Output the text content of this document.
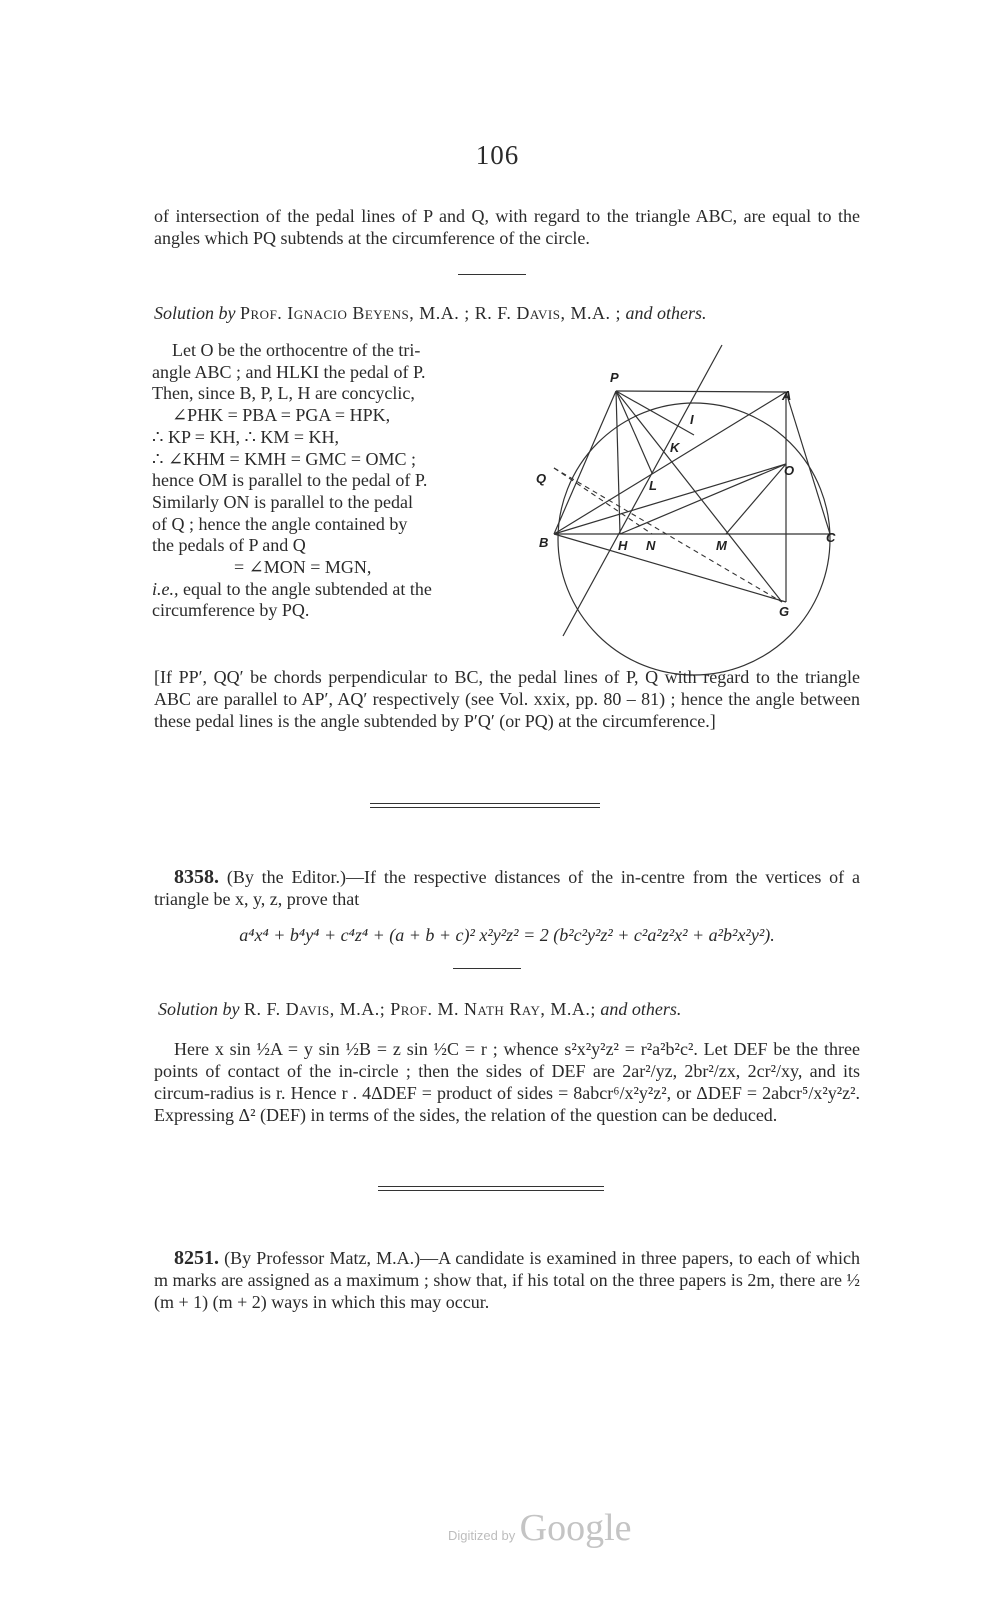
106
of intersection of the pedal lines of P and Q, with regard to the triangle ABC, are equal to the angles which PQ subtends at the circumference of the circle.
Solution by Prof. Ignacio Beyens, M.A. ; R. F. Davis, M.A. ; and others.
Let O be the orthocentre of the tri-
angle ABC ; and HLKI the pedal of P.
Then, since B, P, L, H are concyclic,
∠PHK = PBA = PGA = HPK,
∴ KP = KH, ∴ KM = KH,
∴ ∠KHM = KMH = GMC = OMC ;
hence OM is parallel to the pedal of P.
Similarly ON is parallel to the pedal
of Q ; hence the angle contained by
the pedals of P and Q
= ∠MON = MGN,
i.e., equal to the angle subtended at the
circumference by PQ.
P
A
I
K
O
Q	L
B	H N	M
C
G
[If PP′, QQ′ be chords perpendicular to BC, the pedal lines of P, Q with regard to the triangle ABC are parallel to AP′, AQ′ respectively (see Vol. xxix, pp. 80 – 81) ; hence the angle between these pedal lines is the angle subtended by P′Q′ (or PQ) at the circumference.]
8358. (By the Editor.)—If the respective distances of the in-centre from the vertices of a triangle be x, y, z, prove that
a⁴x⁴ + b⁴y⁴ + c⁴z⁴ + (a + b + c)² x²y²z² = 2 (b²c²y²z² + c²a²z²x² + a²b²x²y²).
Solution by R. F. Davis, M.A.; Prof. M. Nath Ray, M.A.; and others.
Here x sin ½A = y sin ½B = z sin ½C = r ; whence s²x²y²z² = r²a²b²c². Let DEF be the three points of contact of the in-circle ; then the sides of DEF are 2ar²/yz, 2br²/zx, 2cr²/xy, and its circum-radius is r. Hence r . 4ΔDEF = product of sides = 8abcr⁶/x²y²z², or ΔDEF = 2abcr⁵/x²y²z². Expressing Δ² (DEF) in terms of the sides, the relation of the question can be deduced.
8251. (By Professor Matz, M.A.)—A candidate is examined in three papers, to each of which m marks are assigned as a maximum ; show that, if his total on the three papers is 2m, there are ½ (m + 1) (m + 2) ways in which this may occur.
Digitized by Google
